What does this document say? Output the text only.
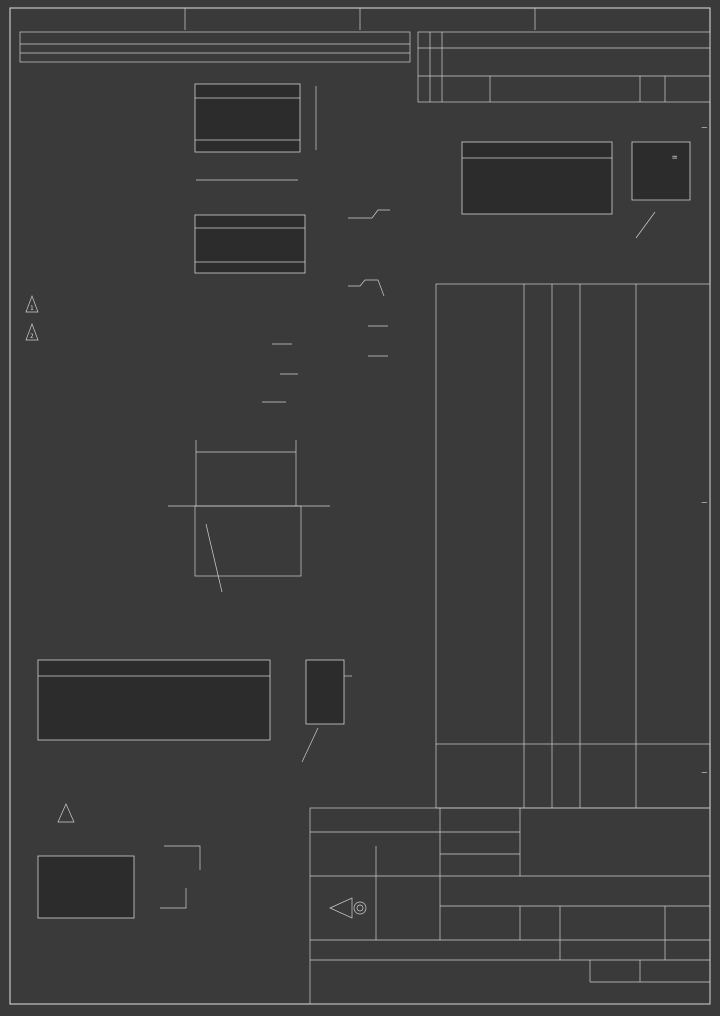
–
–
–
1
2
=
